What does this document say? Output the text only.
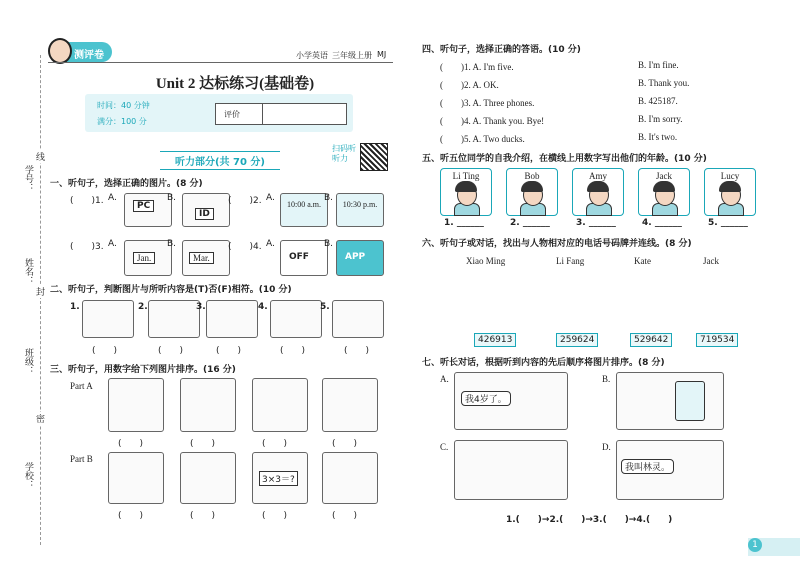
学号：
线
姓名：
封
班级：
密
学校：
测评卷	小学英语 三年级上册 MJ
Unit 2 达标练习(基础卷)
时间：40 分钟
满分：100 分
评价
听力部分(共 70 分)
扫码听听力
一、听句子，选择正确的图片。(8 分)
(　　)1. A.
PC
B.
ID
(　　)2. A.
10:00 a.m.
B.
10:30 p.m.
(　　)3. A.
Jan.
B.
Mar.
(　　)4. A.
OFF
B.
APP
二、听句子，判断图片与所听内容是(T)否(F)相符。(10 分)
1.
(　　)
2.
(　　)
3.
(　　)
4.
(　　)
5.
(　　)
三、听句子，用数字给下列图片排序。(16 分)
Part A
(　　)	(　　)	(　　)	(　　)
Part B
(　　)	(　　)
3×3＝?
(　　)	(　　)
四、听句子，选择正确的答语。(10 分)
(　　)1. A. I'm five.	B. I'm fine.
(　　)2. A. OK.	B. Thank you.
(　　)3. A. Three phones.	B. 425187.
(　　)4. A. Thank you. Bye!	B. I'm sorry.
(　　)5. A. Two ducks.	B. It's two.
五、听五位同学的自我介绍，在横线上用数字写出他们的年龄。(10 分)
Li Ting	Bob	Amy	Jack	Lucy
1. ______	2. ______	3. ______	4. ______	5. ______
六、听句子或对话，找出与人物相对应的电话号码牌并连线。(8 分)
Xiao Ming	Li Fang	Kate	Jack
426913	259624	529642	719534
七、听长对话，根据听到内容的先后顺序将图片排序。(8 分)
A.
我4岁了。
B.
C.	D.
我叫林灵。
1.(　　)→2.(　　)→3.(　　)→4.(　　)
1
